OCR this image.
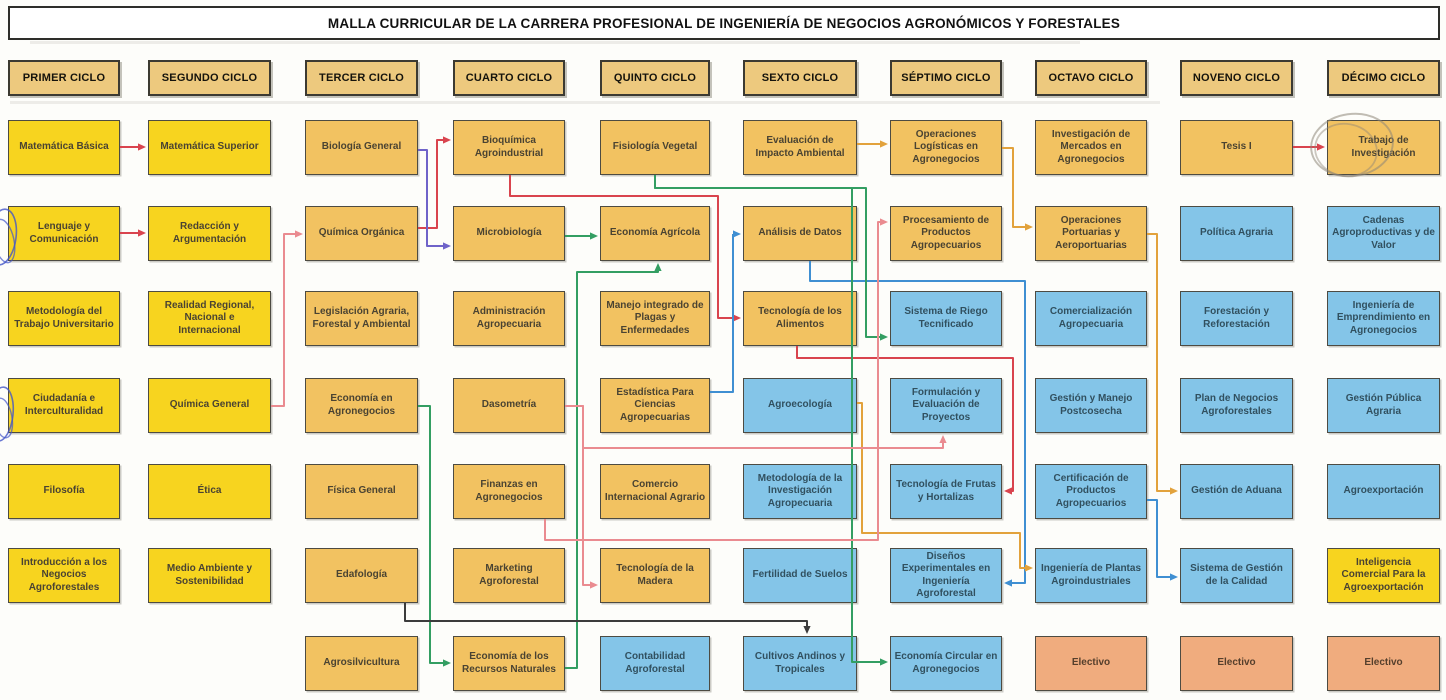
MALLA CURRICULAR DE LA CARRERA PROFESIONAL DE INGENIERÍA DE NEGOCIOS AGRONÓMICOS Y FORESTALES
PRIMER CICLO
Matemática Básica
Lenguaje y Comunicación
Metodología del Trabajo Universitario
Ciudadanía e Interculturalidad
Filosofía
Introducción a los Negocios Agroforestales
SEGUNDO CICLO
Matemática Superior
Redacción y Argumentación
Realidad Regional, Nacional e Internacional
Química General
Ética
Medio Ambiente y Sostenibilidad
TERCER CICLO
Biología General
Química Orgánica
Legislación Agraria, Forestal y Ambiental
Economía en Agronegocios
Física General
Edafología
Agrosilvicultura
CUARTO CICLO
Bioquímica Agroindustrial
Microbiología
Administración Agropecuaria
Dasometría
Finanzas en Agronegocios
Marketing Agroforestal
Economía de los Recursos Naturales
QUINTO CICLO
Fisiología Vegetal
Economía Agrícola
Manejo integrado de Plagas y Enfermedades
Estadística Para Ciencias Agropecuarias
Comercio Internacional Agrario
Tecnología de la Madera
Contabilidad Agroforestal
SEXTO CICLO
Evaluación de Impacto Ambiental
Análisis de Datos
Tecnología de los Alimentos
Agroecología
Metodología de la Investigación Agropecuaria
Fertilidad de Suelos
Cultivos Andinos y Tropicales
SÉPTIMO CICLO
Operaciones Logísticas en Agronegocios
Procesamiento de Productos Agropecuarios
Sistema de Riego Tecnificado
Formulación y Evaluación de Proyectos
Tecnología de Frutas y Hortalizas
Diseños Experimentales en Ingeniería Agroforestal
Economía Circular en Agronegocios
OCTAVO CICLO
Investigación de Mercados en Agronegocios
Operaciones Portuarias y Aeroportuarias
Comercialización Agropecuaria
Gestión y Manejo Postcosecha
Certificación de Productos Agropecuarios
Ingeniería de Plantas Agroindustriales
Electivo
NOVENO CICLO
Tesis I
Política Agraria
Forestación y Reforestación
Plan de Negocios Agroforestales
Gestión de Aduana
Sistema de Gestión de la Calidad
Electivo
DÉCIMO CICLO
Trabajo de Investigación
Cadenas Agroproductivas y de Valor
Ingeniería de Emprendimiento en Agronegocios
Gestión Pública Agraria
Agroexportación
Inteligencia Comercial Para la Agroexportación
Electivo
